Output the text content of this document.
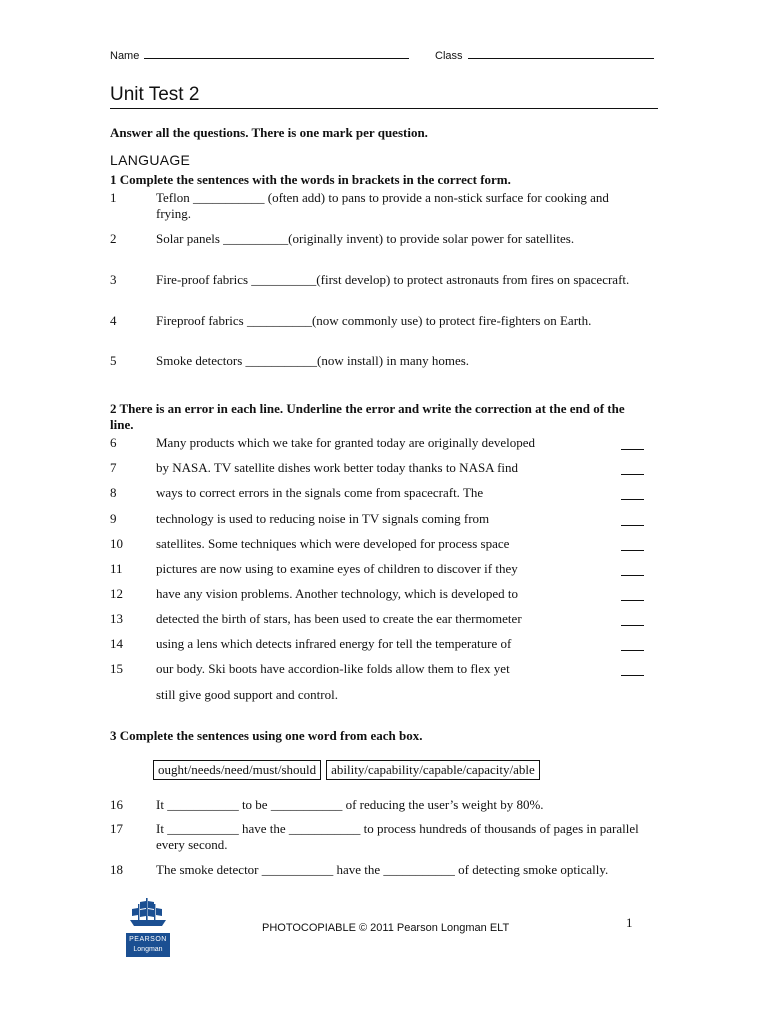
Name	Class
Unit Test 2
Answer all the questions. There is one mark per question.
LANGUAGE
1 Complete the sentences with the words in brackets in the correct form.
1	Teflon ___________ (often add) to pans to provide a non-stick surface for cooking and frying.
2	Solar panels __________(originally invent) to provide solar power for satellites.
3	Fire-proof fabrics __________(first develop) to protect astronauts from fires on spacecraft.
4	Fireproof fabrics __________(now commonly use) to protect fire-fighters on Earth.
5	Smoke detectors ___________(now install) in many homes.
2 There is an error in each line. Underline the error and write the correction at the end of the line.
6	Many products which we take for granted today are originally developed
7	by NASA. TV satellite dishes work better today thanks to NASA find
8	ways to correct errors in the signals come from spacecraft. The
9	technology is used to reducing noise in TV signals coming from
10	satellites. Some techniques which were developed for process space
11	pictures are now using to examine eyes of children to discover if they
12	have any vision problems. Another technology, which is developed to
13	detected the birth of stars, has been used to create the ear thermometer
14	using a lens which detects infrared energy for tell the temperature of
15	our body. Ski boots have accordion-like folds allow them to flex yet
still give good support and control.
3 Complete the sentences using one word from each box.
ought/needs/need/must/should	ability/capability/capable/capacity/able
16	It ___________ to be ___________ of reducing the user’s weight by 80%.
17	It ___________ have the ___________ to process hundreds of thousands of pages in parallel every second.
18	The smoke detector ___________ have the ___________ of detecting smoke optically.
PEARSON
Longman
PHOTOCOPIABLE © 2011 Pearson Longman ELT	1
